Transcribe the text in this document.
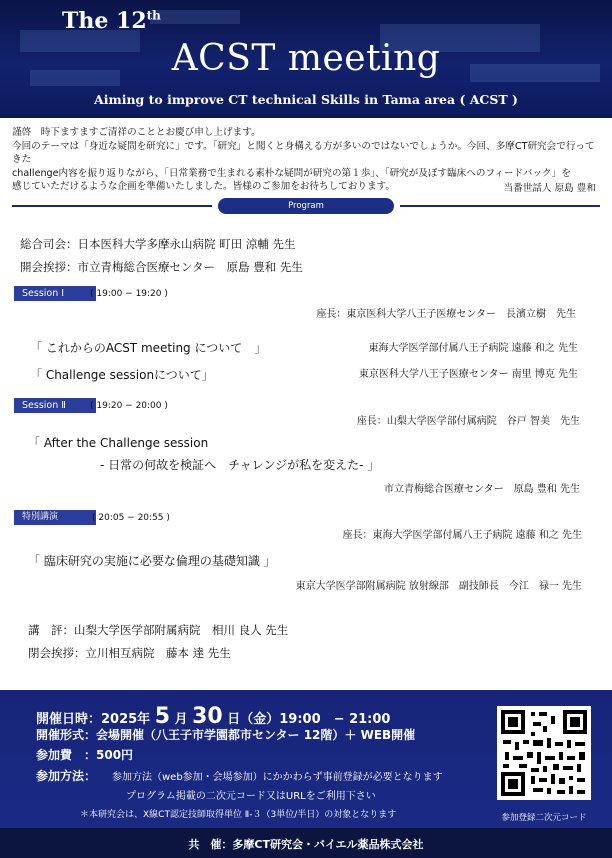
The 12th
ACST meeting
Aiming to improve CT technical Skills in Tama area ( ACST )
謹啓　時下ますますご清祥のこととお慶び申し上げます。
今回のテーマは「身近な疑問を研究に」です。「研究」と聞くと身構える方が多いのではないでしょうか。今回、多摩CT研究会で行ってきた
challenge内容を振り返りながら、「日常業務で生まれる素朴な疑問が研究の第１歩」、「研究が及ぼす臨床へのフィードバック」を
感じていただけるような企画を準備いたしました。皆様のご参加をお待ちしております。	当番世話人 原島 豊和
Program
総合司会：日本医科大学多摩永山病院 町田 涼輔 先生
開会挨拶：市立青梅総合医療センター　原島 豊和 先生
Session Ⅰ	( 19:00 − 19:20 )
座長：東京医科大学八王子医療センター　長濱立樹　先生
「 これからのACST meeting について　」	東海大学医学部付属八王子病院 遠藤 和之 先生
「 Challenge sessionについて」	東京医科大学八王子医療センター 南里 博克 先生
Session Ⅱ	( 19:20 − 20:00 )
座長：山梨大学医学部付属病院　谷戸 智美　先生
「 After the Challenge session
- 日常の何故を検証へ　チャレンジが私を変えた- 」
市立青梅総合医療センター　原島 豊和 先生
特別講演	( 20:05 − 20:55 )
座長：東海大学医学部付属八王子病院 遠藤 和之 先生
「 臨床研究の実施に必要な倫理の基礎知識 」
東京大学医学部附属病院 放射線部　副技師長　今江　禄一 先生
講　評：山梨大学医学部附属病院　相川 良人 先生
閉会挨拶：立川相互病院　藤本 達 先生
開催日時：2025年 5 月 30 日（金）19:00　− 21:00
開催形式：会場開催（八王子市学園都市センター 12階）＋ WEB開催
参加費　：500円
参加方法： 参加方法（web参加・会場参加）にかかわらず事前登録が必要となります
プログラム掲載の二次元コード又はURLをご利用下さい
＊本研究会は、X線CT認定技師取得単位 Ⅱ-３（3単位/半日）の対象となります	参加登録二次元コード
共　催：多摩CT研究会・バイエル薬品株式会社
